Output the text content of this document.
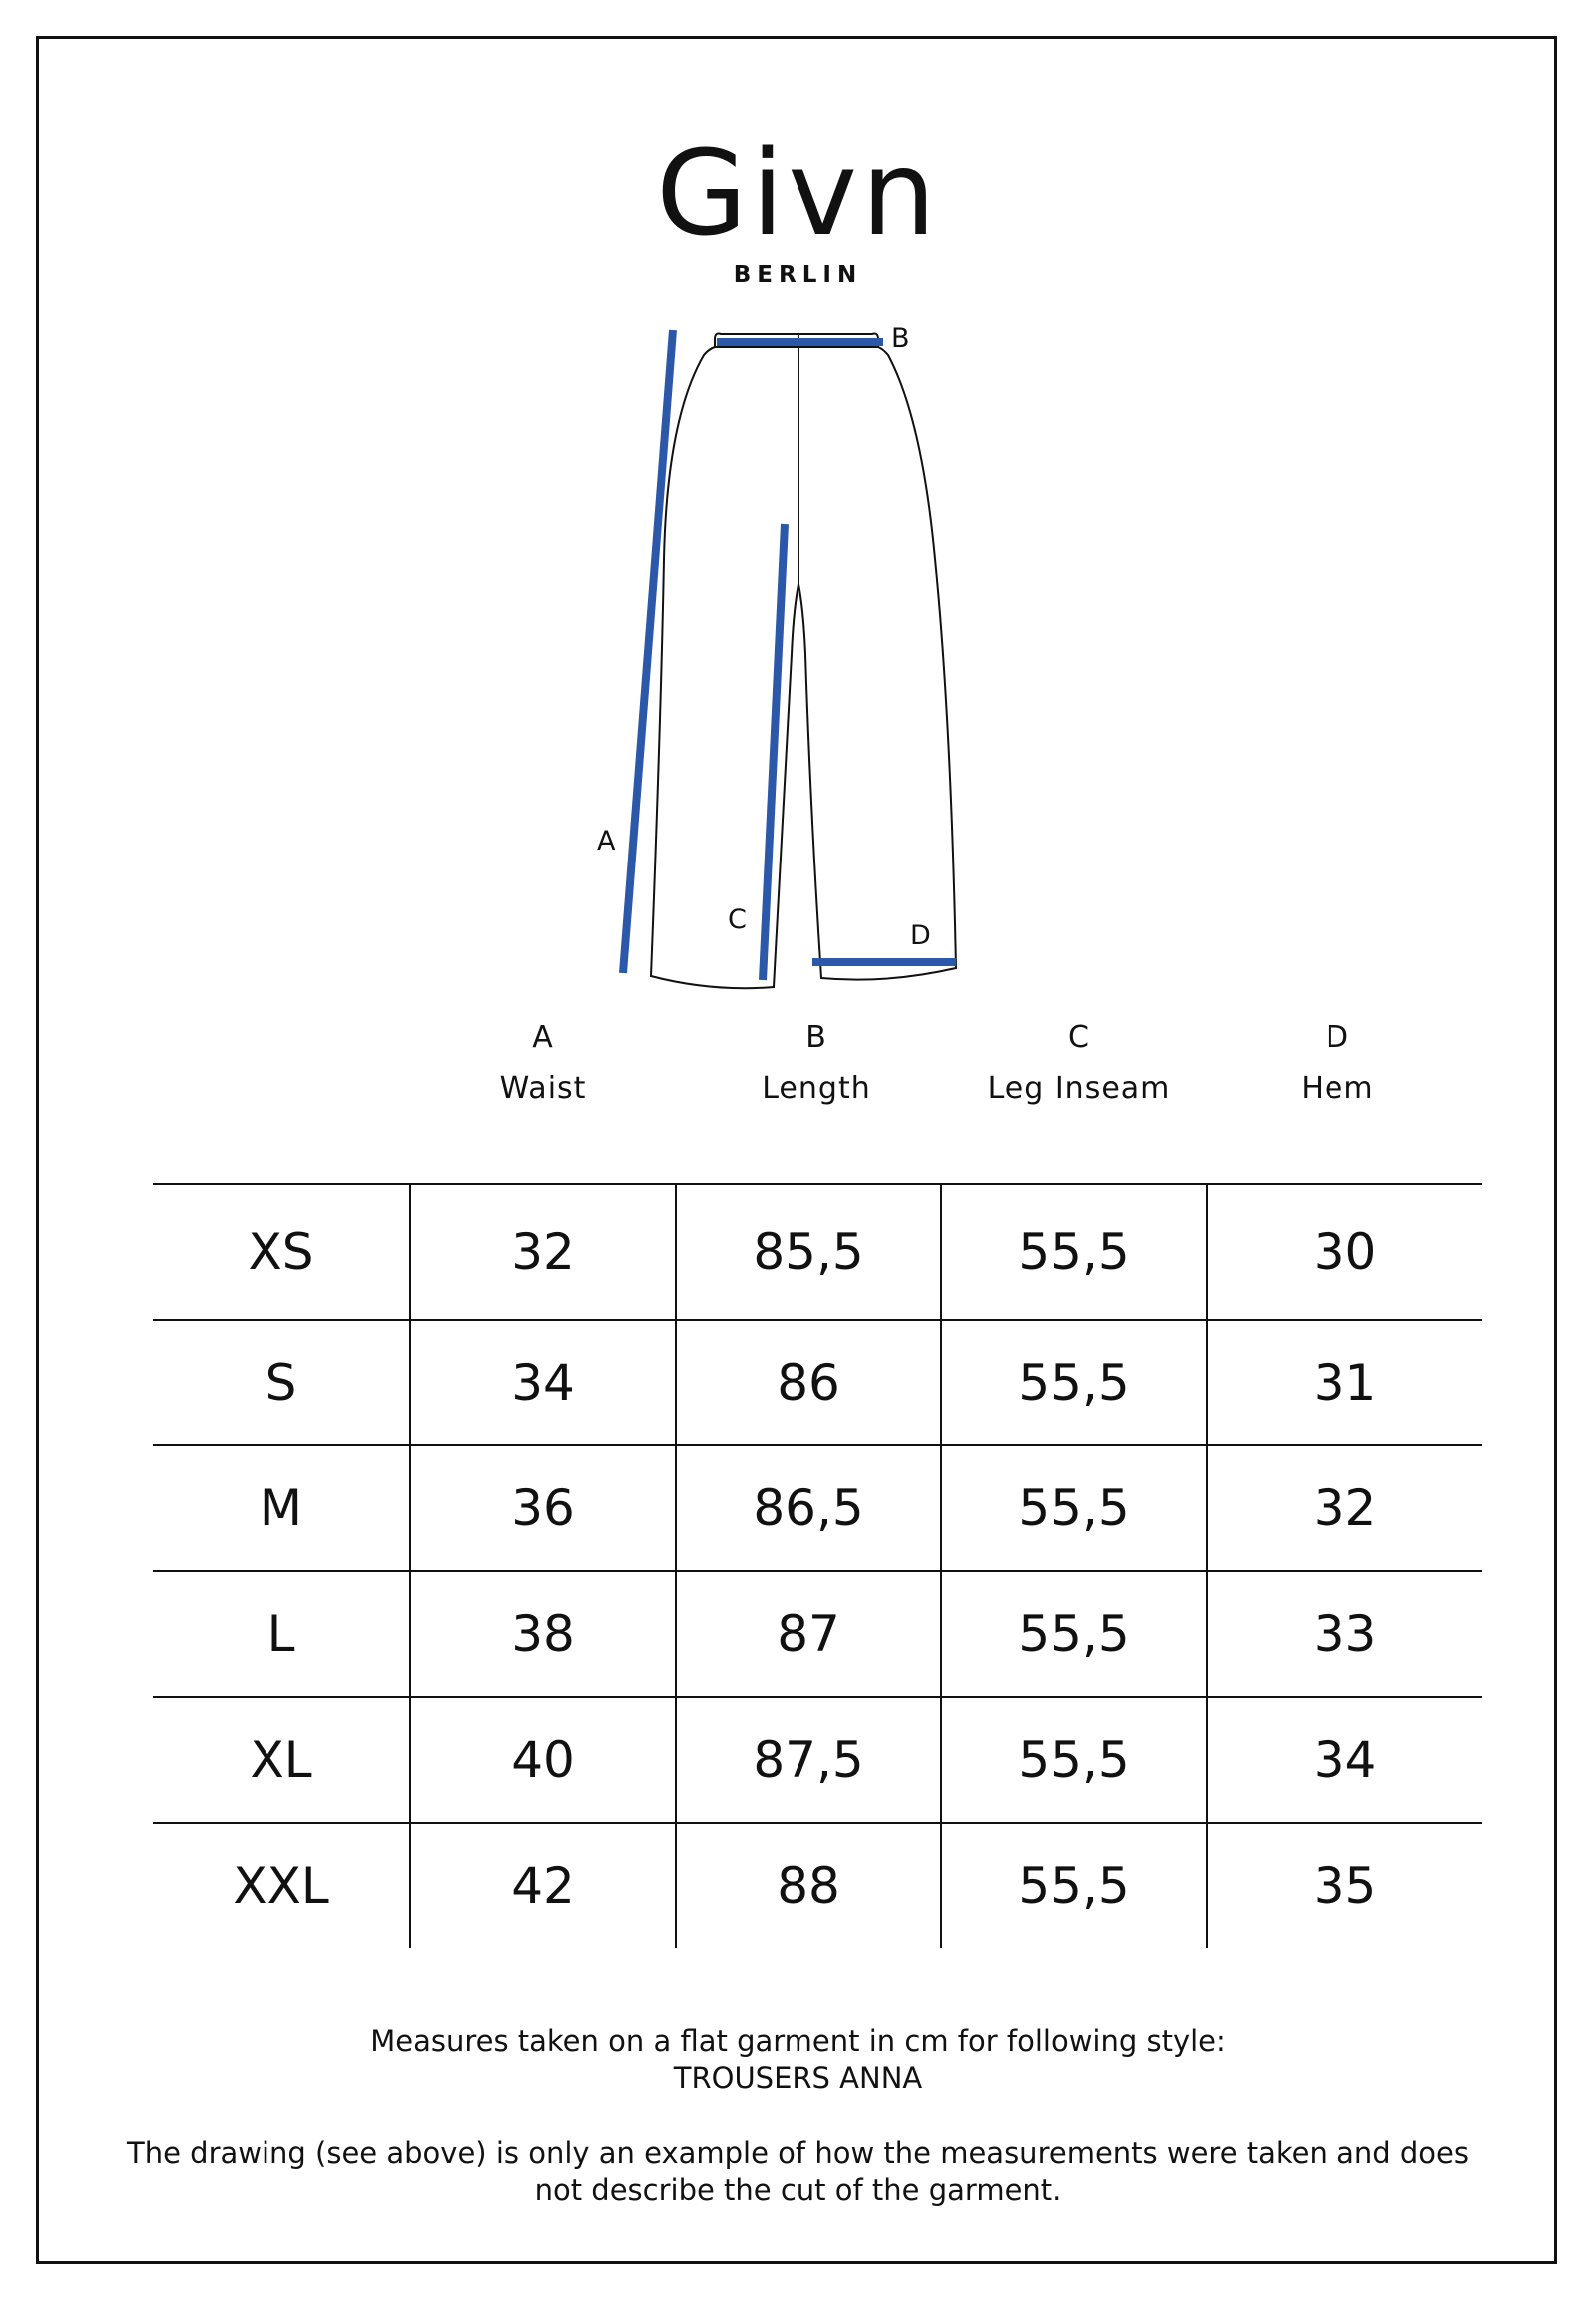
Givn
BERLIN
A
B
C
D
A
Waist
B
Length
C
Leg Inseam
D
Hem
XS	32	85,5	55,5	30
S	34	86	55,5	31
M	36	86,5	55,5	32
L	38	87	55,5	33
XL	40	87,5	55,5	34
XXL	42	88	55,5	35
Measures taken on a flat garment in cm for following style:
TROUSERS ANNA
The drawing (see above) is only an example of how the measurements were taken and does
not describe the cut of the garment.
